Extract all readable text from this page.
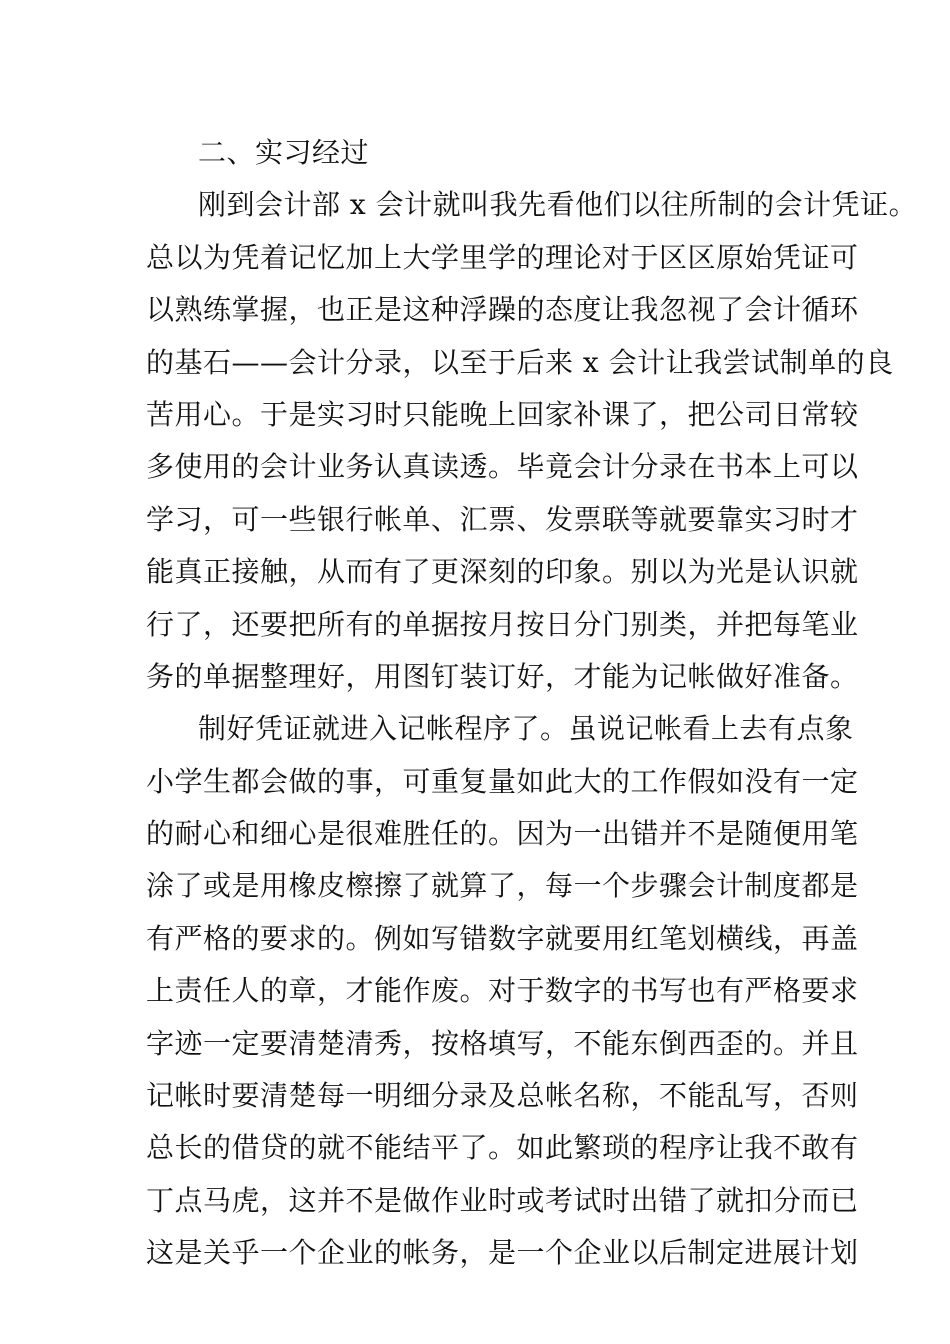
二、实习经过
刚到会计部 x 会计就叫我先看他们以往所制的会计凭证。
总以为凭着记忆加上大学里学的理论对于区区原始凭证可
以熟练掌握，也正是这种浮躁的态度让我忽视了会计循环
的基石——会计分录，以至于后来 x 会计让我尝试制单的良
苦用心。于是实习时只能晚上回家补课了，把公司日常较
多使用的会计业务认真读透。毕竟会计分录在书本上可以
学习，可一些银行帐单、汇票、发票联等就要靠实习时才
能真正接触，从而有了更深刻的印象。别以为光是认识就
行了，还要把所有的单据按月按日分门别类，并把每笔业
务的单据整理好，用图钉装订好，才能为记帐做好准备。
制好凭证就进入记帐程序了。虽说记帐看上去有点象
小学生都会做的事，可重复量如此大的工作假如没有一定
的耐心和细心是很难胜任的。因为一出错并不是随便用笔
涂了或是用橡皮檫擦了就算了，每一个步骤会计制度都是
有严格的要求的。例如写错数字就要用红笔划横线，再盖
上责任人的章，才能作废。对于数字的书写也有严格要求
字迹一定要清楚清秀，按格填写，不能东倒西歪的。并且
记帐时要清楚每一明细分录及总帐名称，不能乱写，否则
总长的借贷的就不能结平了。如此繁琐的程序让我不敢有
丁点马虎，这并不是做作业时或考试时出错了就扣分而已
这是关乎一个企业的帐务，是一个企业以后制定进展计划
